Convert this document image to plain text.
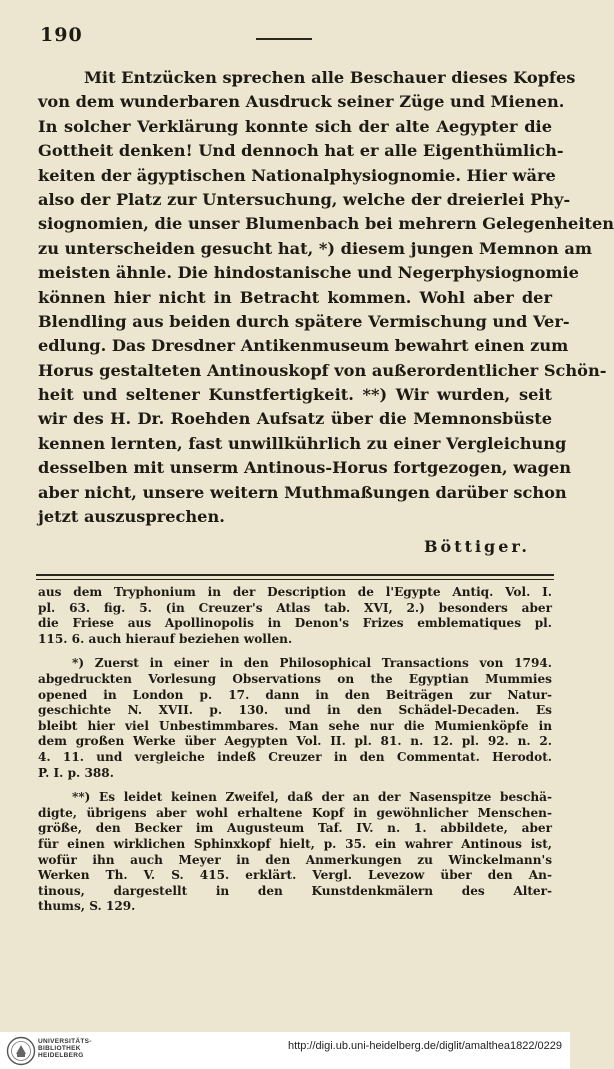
190
Mit Entzücken sprechen alle Beschauer dieses Kopfes
von dem wunderbaren Ausdruck seiner Züge und Mienen.
In solcher Verklärung konnte sich der alte Aegypter die
Gottheit denken! Und dennoch hat er alle Eigenthümlich-
keiten der ägyptischen Nationalphysiognomie. Hier wäre
also der Platz zur Untersuchung, welche der dreierlei Phy-
siognomien, die unser Blumenbach bei mehrern Gelegenheiten
zu unterscheiden gesucht hat, *) diesem jungen Memnon am
meisten ähnle. Die hindostanische und Negerphysiognomie
können hier nicht in Betracht kommen. Wohl aber der
Blendling aus beiden durch spätere Vermischung und Ver-
edlung. Das Dresdner Antikenmuseum bewahrt einen zum
Horus gestalteten Antinouskopf von außerordentlicher Schön-
heit und seltener Kunstfertigkeit. **) Wir wurden, seit
wir des H. Dr. Roehden Aufsatz über die Memnonsbüste
kennen lernten, fast unwillkührlich zu einer Vergleichung
desselben mit unserm Antinous-Horus fortgezogen, wagen
aber nicht, unsere weitern Muthmaßungen darüber schon
jetzt auszusprechen.
Böttiger.
aus dem Tryphonium in der Description de l'Egypte Antiq. Vol. I.
pl. 63. fig. 5. (in Creuzer's Atlas tab. XVI, 2.) besonders aber
die Friese aus Apollinopolis in Denon's Frizes emblematiques pl.
115. 6. auch hierauf beziehen wollen.
*) Zuerst in einer in den Philosophical Transactions von 1794.
abgedruckten Vorlesung Observations on the Egyptian Mummies
opened in London p. 17. dann in den Beiträgen zur Natur-
geschichte N. XVII. p. 130. und in den Schädel-Decaden. Es
bleibt hier viel Unbestimmbares. Man sehe nur die Mumienköpfe in
dem großen Werke über Aegypten Vol. II. pl. 81. n. 12. pl. 92. n. 2.
4. 11. und vergleiche indeß Creuzer in den Commentat. Herodot.
P. I. p. 388.
**) Es leidet keinen Zweifel, daß der an der Nasenspitze beschä-
digte, übrigens aber wohl erhaltene Kopf in gewöhnlicher Menschen-
größe, den Becker im Augusteum Taf. IV. n. 1. abbildete, aber
für einen wirklichen Sphinxkopf hielt, p. 35. ein wahrer Antinous ist,
wofür ihn auch Meyer in den Anmerkungen zu Winckelmann's
Werken Th. V. S. 415. erklärt. Vergl. Levezow über den An-
tinous, dargestellt in den Kunstdenkmälern des Alter-
thums, S. 129.
UNIVERSITÄTS-
BIBLIOTHEK
HEIDELBERG
http://digi.ub.uni-heidelberg.de/diglit/amalthea1822/0229
